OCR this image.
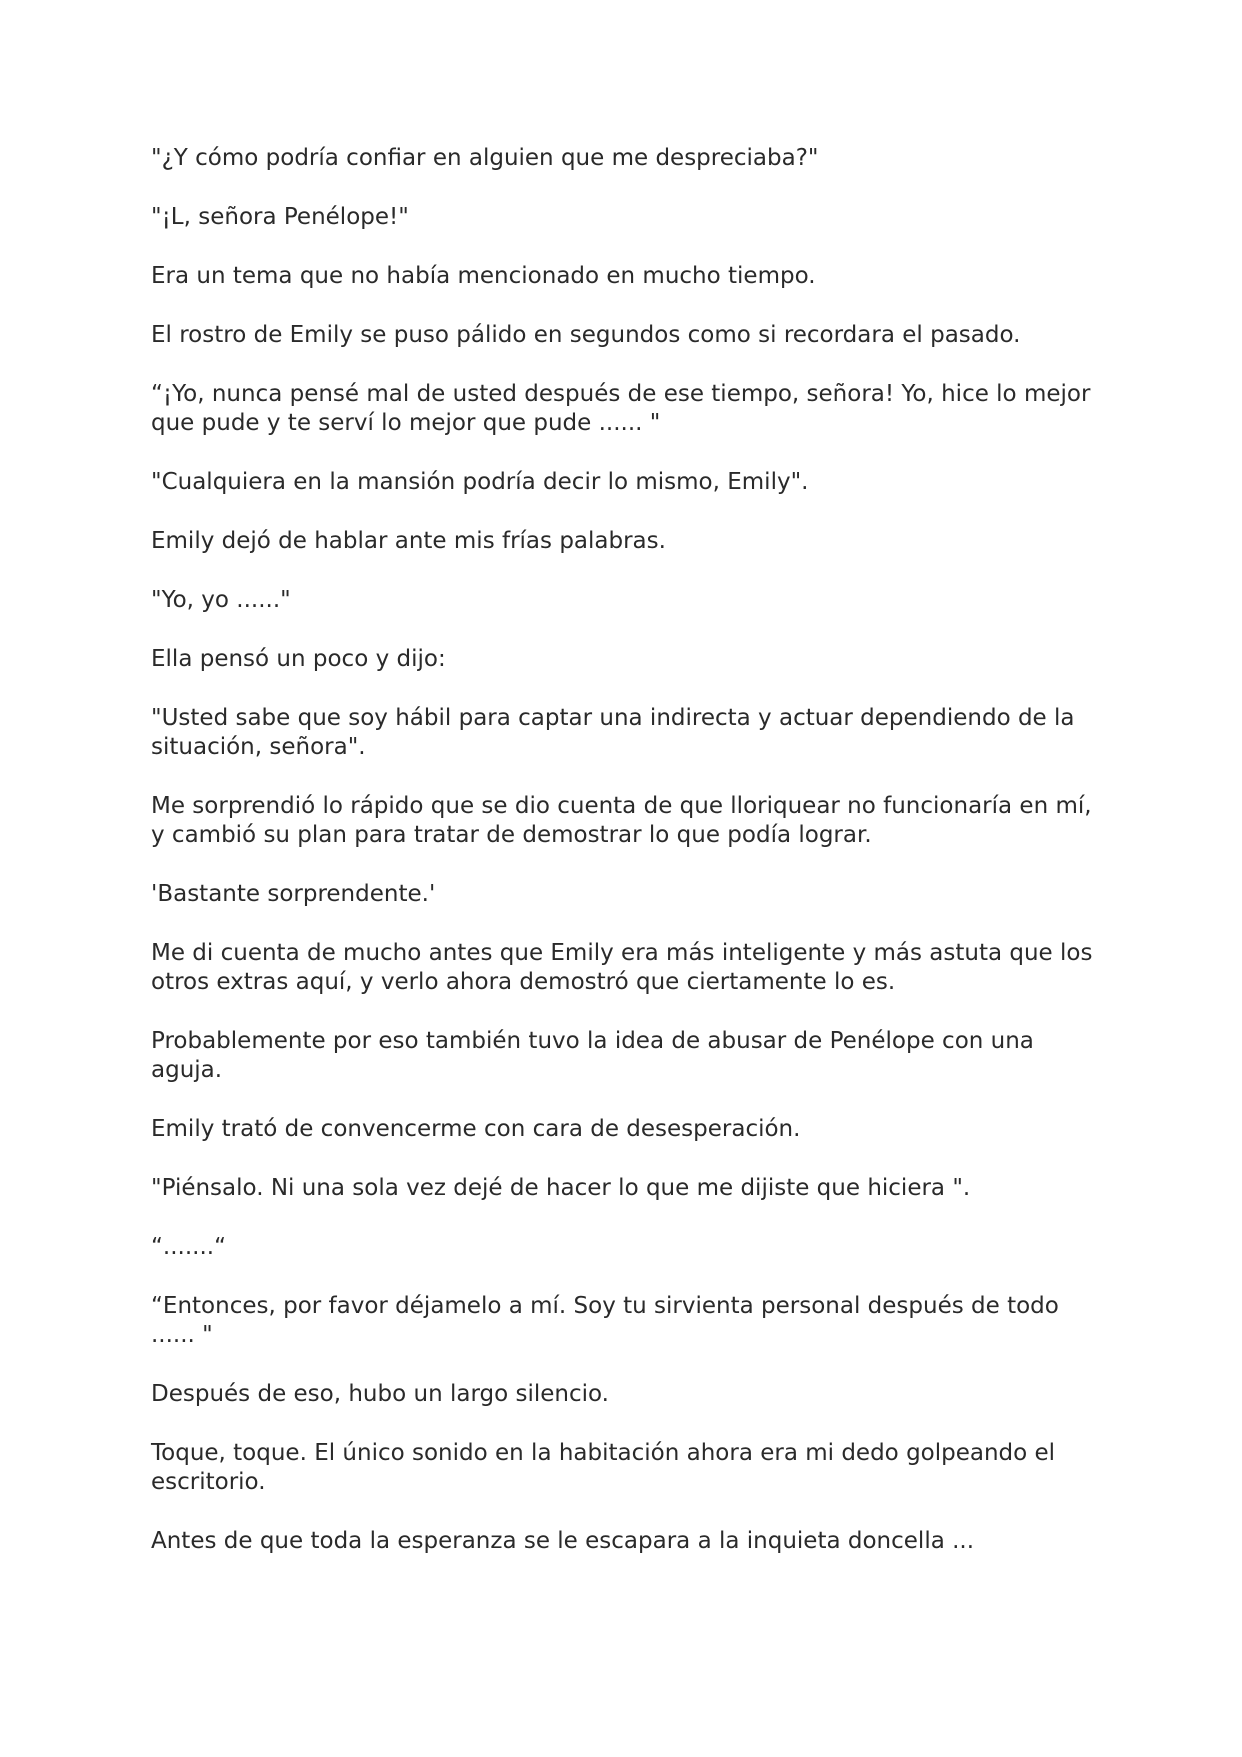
"¿Y cómo podría confiar en alguien que me despreciaba?"

"¡L, señora Penélope!"

Era un tema que no había mencionado en mucho tiempo.

El rostro de Emily se puso pálido en segundos como si recordara el pasado.

“¡Yo, nunca pensé mal de usted después de ese tiempo, señora! Yo, hice lo mejor que pude y te serví lo mejor que pude ...... "

"Cualquiera en la mansión podría decir lo mismo, Emily".

Emily dejó de hablar ante mis frías palabras.

"Yo, yo ......"

Ella pensó un poco y dijo:

"Usted sabe que soy hábil para captar una indirecta y actuar dependiendo de la situación, señora".

Me sorprendió lo rápido que se dio cuenta de que lloriquear no funcionaría en mí, y cambió su plan para tratar de demostrar lo que podía lograr.

'Bastante sorprendente.'

Me di cuenta de mucho antes que Emily era más inteligente y más astuta que los otros extras aquí, y verlo ahora demostró que ciertamente lo es.

Probablemente por eso también tuvo la idea de abusar de Penélope con una aguja.

Emily trató de convencerme con cara de desesperación.

"Piénsalo. Ni una sola vez dejé de hacer lo que me dijiste que hiciera ".

“.......“

“Entonces, por favor déjamelo a mí. Soy tu sirvienta personal después de todo ...... "

Después de eso, hubo un largo silencio.

Toque, toque. El único sonido en la habitación ahora era mi dedo golpeando el escritorio.

Antes de que toda la esperanza se le escapara a la inquieta doncella ...
